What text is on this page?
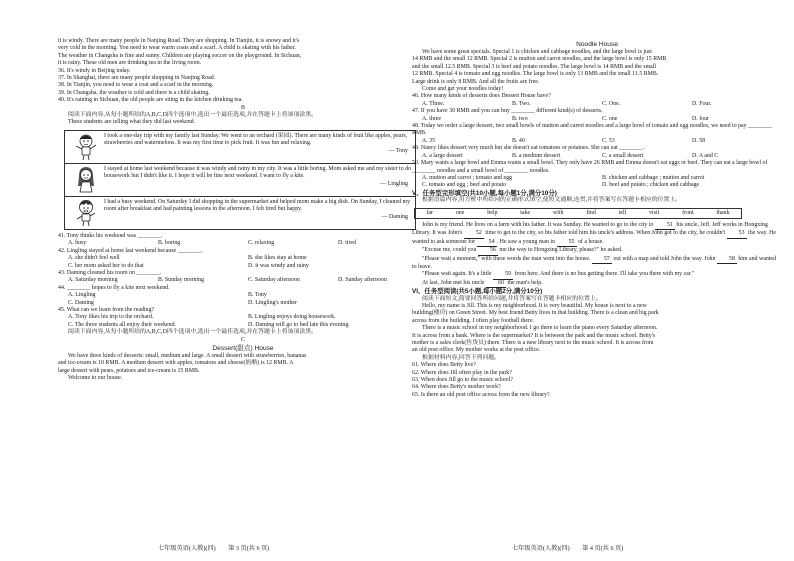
it is windy. There are many people in Nanjing Road. They are shopping. In Tianjin, it is snowy and it's

very cold in the morning. You need to wear warm coats and a scarf. A child is skating with his father.

The weather in Changsha is fine and sunny. Children are playing soccer on the playground. In Sichuan,

it is rainy. These old men are drinking tea in the living room.

36. It's windy in Beijing today.

37. In Shanghai, there are many people shopping in Nanjing Road.

38. In Tianjin, you need to wear a coat and a scarf in the morning.

39. In Changsha, the weather is cold and there is a child skating.

40. It's raining in Sichuan, the old people are siting in the kitchen drinking tea.

B

阅读下面内容,从每小题所给的A,B,C,D四个选项中,选出一个最佳选项,并在答题卡上将该项涂黑。

These students are telling what they did last weekend.

I took a one-day trip with my family last Sunday. We went to an orchard (果园). There are many kinds of fruit like apples, pears, strawberries and watermelons. It was my first time to pick fruit. It was fun and relaxing.

— Tony

I stayed at home last weekend because it was windy and rainy in my city. It was a little boring. Mom asked me and my sister to do housework but I didn't like it. I hope it will be fine next weekend. I want to fly a kite.

— Lingling

I had a busy weekend. On Saturday I did shopping in the supermarket and helped mom make a big dish. On Sunday, I cleaned my room after breakfast and had painting lessons in the afternoon. I felt tired but happy.

— Daming

41. Tony thinks his weekend was ________.

A. busy	B. boring	C. relaxing	D. tired

42. Lingling stayed at home last weekend because ________.

A. she didn't feel well	B. she likes stay at home
C. her mom asked her to do that	D. it was windy and rainy

43. Daming cleaned his room on ________.

A. Saturday morning	B. Sunday morning	C. Saturday afternoon	D. Sunday afternoon

44. ________ hopes to fly a kite next weekend.

A. Lingling	B. Tony
C. Daming	D. Lingling's mother

45. What can we learn from the reading?

A. Tony likes his trip to the orchard.	B. Lingling enjoys doing housework.
C. The three students all enjoy their weekend.	D. Daming will go to bed late this evening.

阅读下面内容,从每小题所给的A,B,C,D四个选项中,选出一个最佳选项,并在答题卡上将该项涂黑。

C

Dessert(甜点) House

We have three kinds of desserts: small, medium and large. A small dessert with strawberries, bananas

and ice-cream is 10 RMB. A medium dessert with apples, tomatoes and cheese(奶酪) is 12 RMB. A

large dessert with pears, potatoes and ice-cream is 15 RMB.

Welcome to our house.

Noodle House

We have some great specials. Special 1 is chicken and cabbage noodles, and the large bowl is just

14 RMB and the small 12 RMB. Special 2 is mutton and carrot noodles, and the large bowl is only 15 RMB

and the small 12.5 RMB. Special 3 is beef and potato noodles. The large bowl is 14 RMB and the small

12 RMB. Special 4 is tomato and egg noodles. The large bowl is only 13 RMB and the small 11.5 RMB.

Large drink is only 8 RMB. And all the fruits are free.

Come and get your noodles today!

46. How many kinds of desserts does Dessert House have?

A. Three.	B. Two.	C. One.	D. Four.

47. If you have 30 RMB and you can buy ________ different kind(s) of desserts.

A. three	B. two	C. one	D. four

48. Today we order a large dessert, two small bowls of mutton and carrot noodles and a large bowl of tomato and egg noodles, we need to pay ________ RMB.

A. 35	B. 40	C. 53	D. 58

49. Nancy likes dessert very much but she doesn't eat tomatoes or potatoes. She can eat ________.

A. a large dessert	B. a medium dessert	C. a small dessert	D. A and C

50. Mary wants a large bowl and Emma wants a small bowl. They only have 26 RMB and Emma doesn't eat eggs or beef. They can eat a large bowl of ________ noodles and a small bowl of ________ noodles.

A. mutton and carrot ; tomato and egg	B. chicken and cabbage ; mutton and carrot
C. tomato and egg ; beef and potato	D. beef and potato ; chicken and cabbage

V、任务型完形填空(共10小题,每小题1分,满分10分)

根据语篇内容,用方框中所给词的正确形式填空,使短文通顺,连贯,并将答案写在答题卡相应的位置上。

far	one	help	take	with	find	tell	visit	front	thank

John is my friend. He lives on a farm with his father. It was Sunday. He wanted to go to the city to 51 his uncle, Jeff. Jeff works in Hongxing Library. It was John's 52 time to get to the city, so his father told him his uncle's address. When John got to the city, he couldn't 53 the way. He wanted to ask someone for 54 . He saw a young man in 55 of a house.

"Excuse me, could you 56 me the way to Hongxing Library, please?" he asked.

"Please wait a moment," with these words the man went into the house. 57 out with a map and told John the way. John 58 him and wanted to leave.

"Please wait again. It's a little 59 from here. And there is no bus getting there. I'll take you there with my car."

At last, John met his uncle 60 the man's help.

VI、任务型阅读(共5小题,每小题2分,满分10分)

阅读下面短文,简要回答所给问题,并将答案写在答题卡相应的位置上。

Hello, my name is Jill. This is my neighborhood. It is very beautiful. My house is next to a new

building(楼房) on Green Street. My best friend Betty lives in that building. There is a clean and big park

across from the building. I often play football there.

There is a music school in my neighborhood. I go there to learn the piano every Saturday afternoon.

It is across from a bank. Where is the supermarket? It is between the park and the music school. Betty's

mother is a sales clerk(售货员) there. There is a new library next to the music school. It is across from

an old post office. My mother works at the post office.

根据材料内容,回答下列问题。

61. Where does Betty live?

62. Where does Jill often play in the park?

63. When does Jill go to the music school?

64. Where does Betty's mother work?

65. Is there an old post office across from the new library?

七年级英语(人教)(四)　　第 3 页(共 6 页)	七年级英语(人教)(四)　　第 4 页(共 6 页)
